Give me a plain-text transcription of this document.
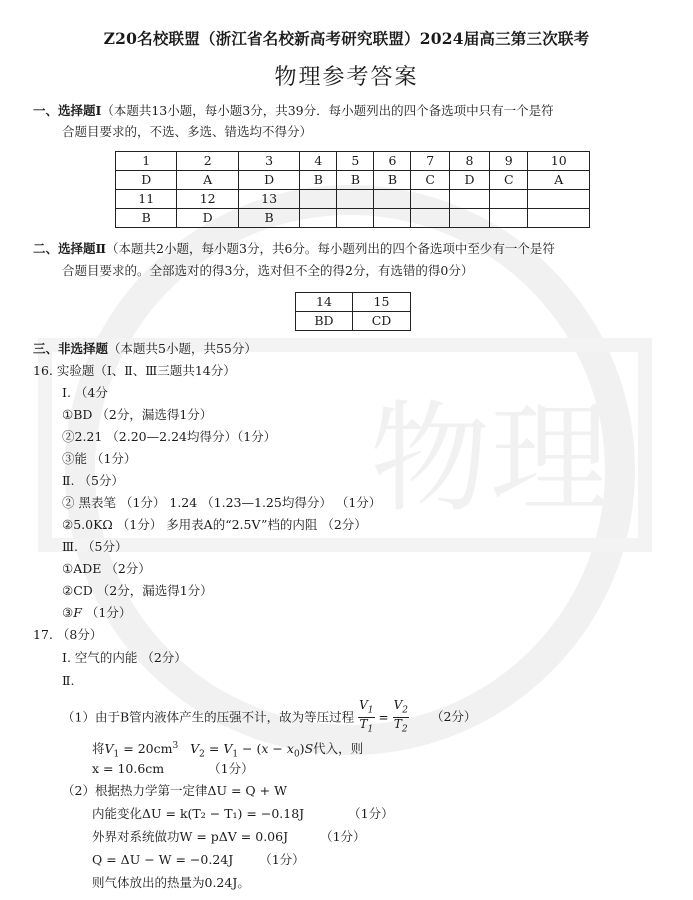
物理
Z20名校联盟（浙江省名校新高考研究联盟）2024届高三第三次联考
物理参考答案
一、选择题Ⅰ（本题共13小题，每小题3分，共39分．每小题列出的四个备选项中只有一个是符
合题目要求的，不选、多选、错选均不得分）
1	2	3	4	5	6	7	8	9	10
D	A	D	B	B	B	C	D	C	A
11	12	13							
B	D	B							
二、选择题Ⅱ（本题共2小题，每小题3分，共6分。每小题列出的四个备选项中至少有一个是符
合题目要求的。全部选对的得3分，选对但不全的得2分，有选错的得0分）
14	15
BD	CD
三、非选择题（本题共5小题，共55分）
16. 实验题（Ⅰ、Ⅱ、Ⅲ三题共14分）
Ⅰ. （4分
①BD （2分，漏选得1分）
②2.21 （2.20—2.24均得分）（1分）
③能 （1分）
Ⅱ. （5分）
② 黑表笔 （1分） 1.24 （1.23—1.25均得分） （1分）
②5.0KΩ （1分） 多用表A的“2.5V”档的内阻 （2分）
Ⅲ. （5分）
①ADE （2分）
②CD （2分，漏选得1分）
③F （1分）
17. （8分）
Ⅰ. 空气的内能 （2分）
Ⅱ.
（1）由于B管内液体产生的压强不计，故为等压过程 $\frac{V_1}{T_1} = \frac{V_2}{T_2} (2$分）
将$V_1 = 20cm^3$ $V_2 = V_1 - (x - x_0)S$代入，则
x = 10.6cm	（1分）
（2）根据热力学第一定律ΔU = Q + W
内能变化ΔU = k(T₂ − T₁) = −0.18J	（1分）
外界对系统做功W = pΔV = 0.06J	（1分）
Q = ΔU − W = −0.24J （1分）
则气体放出的热量为0.24J。
